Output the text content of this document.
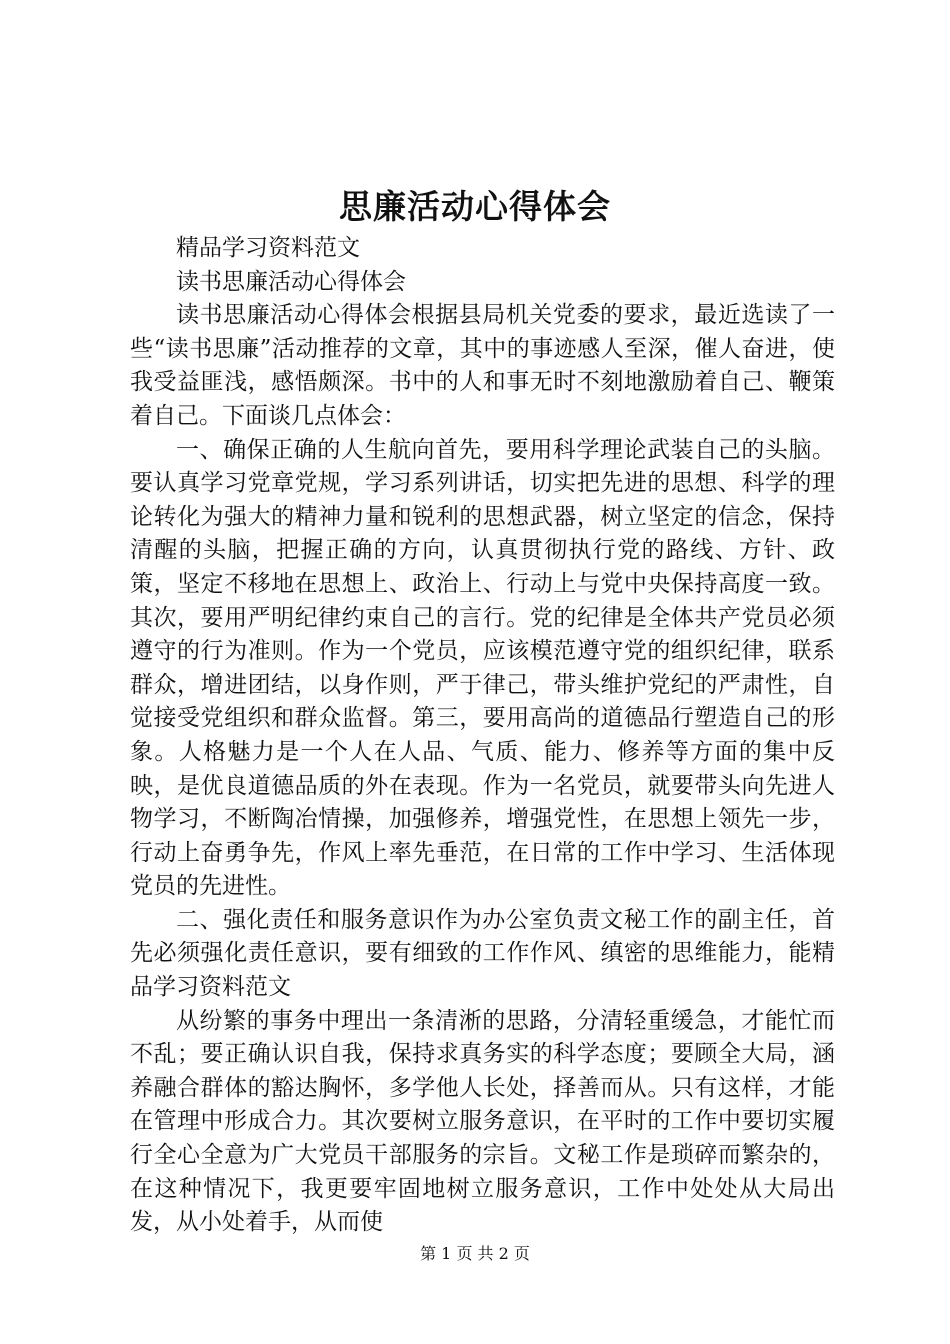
思廉活动心得体会

精品学习资料范文

读书思廉活动心得体会

读书思廉活动心得体会根据县局机关党委的要求，最近选读了一些“读书思廉”活动推荐的文章，其中的事迹感人至深，催人奋进，使我受益匪浅，感悟颇深。书中的人和事无时不刻地激励着自己、鞭策着自己。下面谈几点体会：

一、确保正确的人生航向首先，要用科学理论武装自己的头脑。要认真学习党章党规，学习系列讲话，切实把先进的思想、科学的理论转化为强大的精神力量和锐利的思想武器，树立坚定的信念，保持清醒的头脑，把握正确的方向，认真贯彻执行党的路线、方针、政策，坚定不移地在思想上、政治上、行动上与党中央保持高度一致。其次，要用严明纪律约束自己的言行。党的纪律是全体共产党员必须遵守的行为准则。作为一个党员，应该模范遵守党的组织纪律，联系群众，增进团结，以身作则，严于律己，带头维护党纪的严肃性，自觉接受党组织和群众监督。第三，要用高尚的道德品行塑造自己的形象。人格魅力是一个人在人品、气质、能力、修养等方面的集中反映，是优良道德品质的外在表现。作为一名党员，就要带头向先进人物学习，不断陶冶情操，加强修养，增强党性，在思想上领先一步，行动上奋勇争先，作风上率先垂范，在日常的工作中学习、生活体现党员的先进性。

二、强化责任和服务意识作为办公室负责文秘工作的副主任，首先必须强化责任意识，要有细致的工作作风、缜密的思维能力，能精品学习资料范文

从纷繁的事务中理出一条清淅的思路，分清轻重缓急，才能忙而不乱；要正确认识自我，保持求真务实的科学态度；要顾全大局，涵养融合群体的豁达胸怀，多学他人长处，择善而从。只有这样，才能在管理中形成合力。其次要树立服务意识，在平时的工作中要切实履行全心全意为广大党员干部服务的宗旨。文秘工作是琐碎而繁杂的，在这种情况下，我更要牢固地树立服务意识，工作中处处从大局出发，从小处着手，从而使

第 1 页 共 2 页
